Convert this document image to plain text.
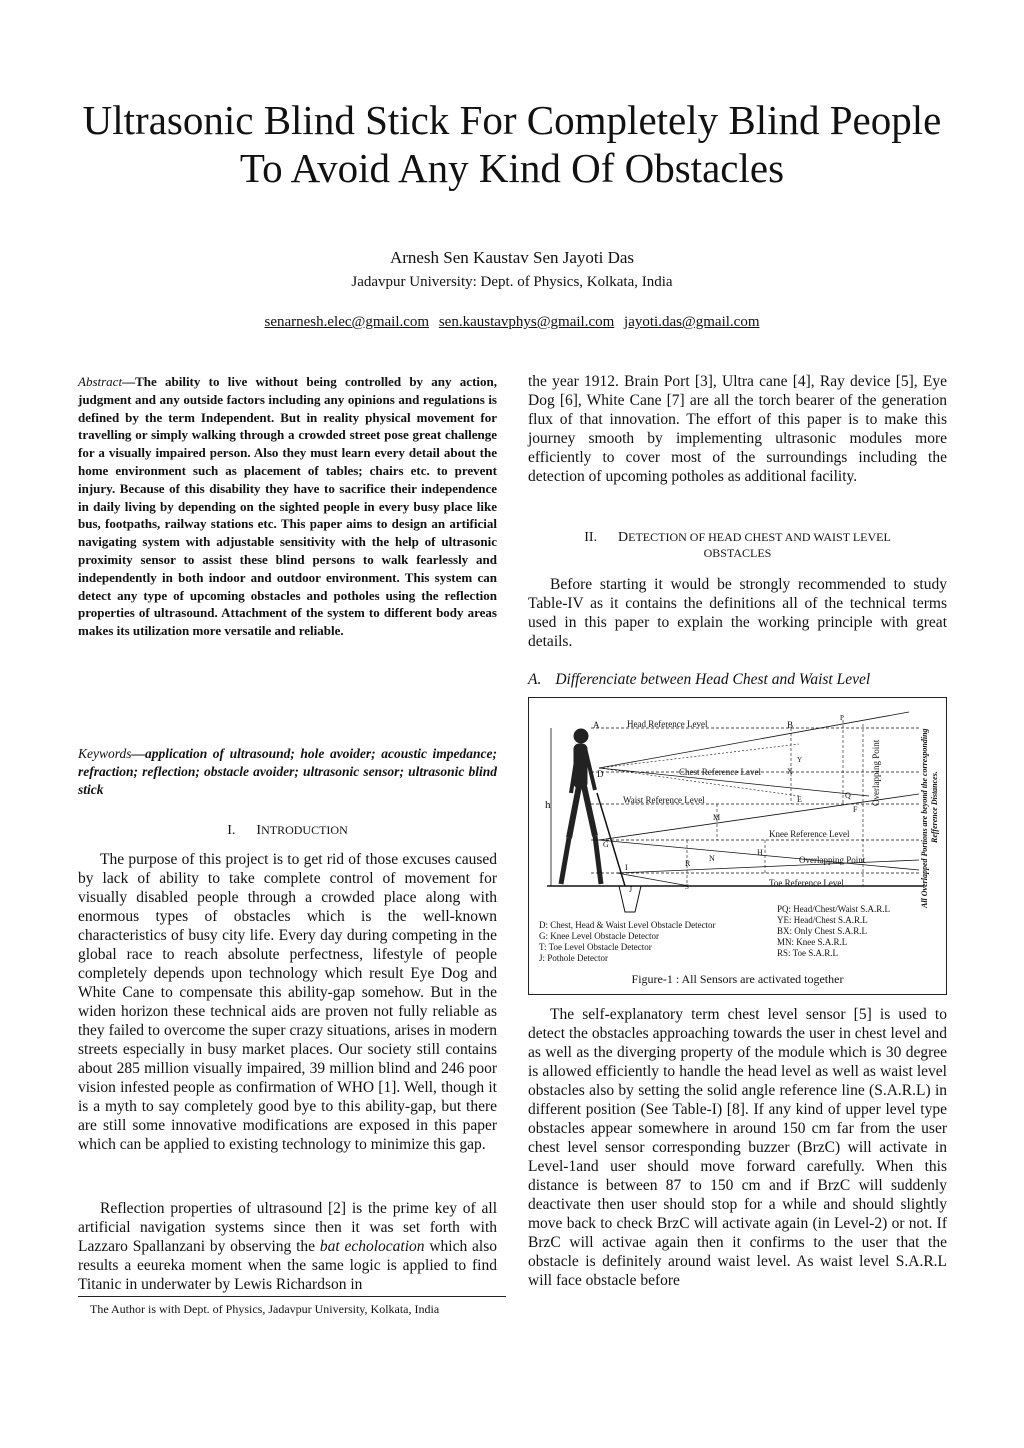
Ultrasonic Blind Stick For Completely Blind People
To Avoid Any Kind Of Obstacles
Arnesh Sen Kaustav Sen Jayoti Das
Jadavpur University: Dept. of Physics, Kolkata, India
senarnesh.elec@gmail.com sen.kaustavphys@gmail.com jayoti.das@gmail.com
Abstract—The ability to live without being controlled by any action, judgment and any outside factors including any opinions and regulations is defined by the term Independent. But in reality physical movement for travelling or simply walking through a crowded street pose great challenge for a visually impaired person. Also they must learn every detail about the home environment such as placement of tables; chairs etc. to prevent injury. Because of this disability they have to sacrifice their independence in daily living by depending on the sighted people in every busy place like bus, footpaths, railway stations etc. This paper aims to design an artificial navigating system with adjustable sensitivity with the help of ultrasonic proximity sensor to assist these blind persons to walk fearlessly and independently in both indoor and outdoor environment. This system can detect any type of upcoming obstacles and potholes using the reflection properties of ultrasound. Attachment of the system to different body areas makes its utilization more versatile and reliable.
Keywords—application of ultrasound; hole avoider; acoustic impedance; refraction; reflection; obstacle avoider; ultrasonic sensor; ultrasonic blind stick
I. INTRODUCTION

The purpose of this project is to get rid of those excuses caused by lack of ability to take complete control of movement for visually disabled people through a crowded place along with enormous types of obstacles which is the well-known characteristics of busy city life. Every day during competing in the global race to reach absolute perfectness, lifestyle of people completely depends upon technology which result Eye Dog and White Cane to compensate this ability-gap somehow. But in the widen horizon these technical aids are proven not fully reliable as they failed to overcome the super crazy situations, arises in modern streets especially in busy market places. Our society still contains about 285 million visually impaired, 39 million blind and 246 poor vision infested people as confirmation of WHO [1]. Well, though it is a myth to say completely good bye to this ability-gap, but there are still some innovative modifications are exposed in this paper which can be applied to existing technology to minimize this gap.

Reflection properties of ultrasound [2] is the prime key of all artificial navigation systems since then it was set forth with Lazzaro Spallanzani by observing the bat echolocation which also results a eeureka moment when the same logic is applied to find Titanic in underwater by Lewis Richardson in

The Author is with Dept. of Physics, Jadavpur University, Kolkata, India

the year 1912. Brain Port [3], Ultra cane [4], Ray device [5], Eye Dog [6], White Cane [7] are all the torch bearer of the generation flux of that innovation. The effort of this paper is to make this journey smooth by implementing ultrasonic modules more efficiently to cover most of the surroundings including the detection of upcoming potholes as additional facility.

II. DETECTION OF HEAD CHEST AND WAIST LEVEL
OBSTACLES

Before starting it would be strongly recommended to study Table-IV as it contains the definitions all of the technical terms used in this paper to explain the working principle with great details.

A. Differenciate between Head Chest and Waist Level
h
Head Reference Level
Chest Reference Lavel
Waist Reference Level
Knee Reference Level
Overlapping Point
Toe Reference Level
Overlapping Point	All Overlapped Portions are beyond the corresponding Refference Distances.
A	B
P
Y
X
D
E	Q
F
M
H
G
R
N
I
S
J
D: Chest, Head & Waist Level Obstacle Detector
G: Knee Level Obstacle Detector
T: Toe Level Obstacle Detector
J: Pothole Detector
PQ: Head/Chest/Waist S.A.R.L
YE: Head/Chest S.A.R.L
BX: Only Chest S.A.R.L
MN: Knee S.A.R.L
RS: Toe S.A.R.L
Figure-1 : All Sensors are activated together

The self-explanatory term chest level sensor [5] is used to detect the obstacles approaching towards the user in chest level and as well as the diverging property of the module which is 30 degree is allowed efficiently to handle the head level as well as waist level obstacles also by setting the solid angle reference line (S.A.R.L) in different position (See Table-I) [8]. If any kind of upper level type obstacles appear somewhere in around 150 cm far from the user chest level sensor corresponding buzzer (BrzC) will activate in Level-1and user should move forward carefully. When this distance is between 87 to 150 cm and if BrzC will suddenly deactivate then user should stop for a while and should slightly move back to check BrzC will activate again (in Level-2) or not. If BrzC will activae again then it confirms to the user that the obstacle is definitely around waist level. As waist level S.A.R.L will face obstacle before
